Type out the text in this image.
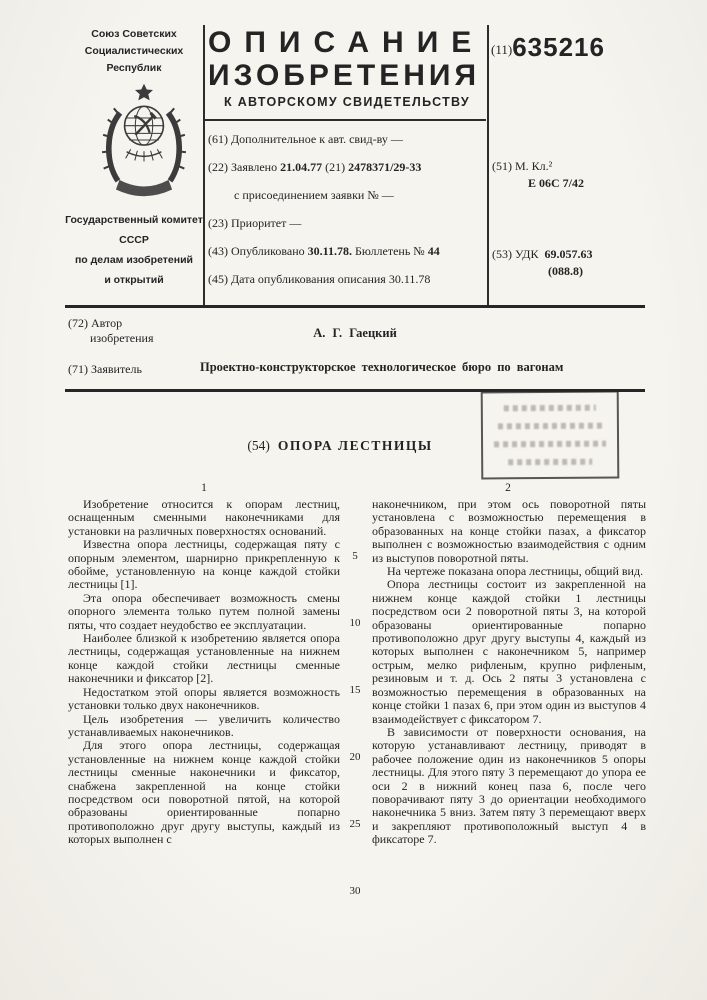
Союз Советских
Социалистических
Республик
Государственный комитет
СССР
по делам изобретений
и открытий
ОПИСАНИЕ
ИЗОБРЕТЕНИЯ
К АВТОРСКОМУ СВИДЕТЕЛЬСТВУ
(11)635216
(61) Дополнительное к авт. свид-ву —
(22) Заявлено 21.04.77 (21) 2478371/29-33
с присоединением заявки № —
(23) Приоритет —
(43) Опубликовано 30.11.78. Бюллетень № 44
(45) Дата опубликования описания 30.11.78
(51) М. Кл.²
Е 06С 7/42
(53) УДК 69.057.63
(088.8)
(72) Автор
изобретения	А. Г. Гаецкий
(71) Заявитель	Проектно-конструкторское технологическое бюро по вагонам
(54) ОПОРА ЛЕСТНИЦЫ
1	2

Изобретение относится к опорам лестниц, оснащенным сменными наконечниками для установки на различных поверхностях оснований.

Известна опора лестницы, содержащая пяту с опорным элементом, шарнирно прикрепленную к обойме, установленную на конце каждой стойки лестницы [1].

Эта опора обеспечивает возможность смены опорного элемента только путем полной замены пяты, что создает неудобство ее эксплуатации.

Наиболее близкой к изобретению является опора лестницы, содержащая установленные на нижнем конце каждой стойки лестницы сменные наконечники и фиксатор [2].

Недостатком этой опоры является возможность установки только двух наконечников.

Цель изобретения — увеличить количество устанавливаемых наконечников.

Для этого опора лестницы, содержащая установленные на нижнем конце каждой стойки лестницы сменные наконечники и фиксатор, снабжена закрепленной на конце стойки посредством оси поворотной пятой, на которой образованы ориентированные попарно противоположно друг другу выступы, каждый из которых выполнен с

5
10
15
20
25
30

наконечником, при этом ось поворотной пяты установлена с возможностью перемещения в образованных на конце стойки пазах, а фиксатор выполнен с возможностью взаимодействия с одним из выступов поворотной пяты.

На чертеже показана опора лестницы, общий вид.

Опора лестницы состоит из закрепленной на нижнем конце каждой стойки 1 лестницы посредством оси 2 поворотной пяты 3, на которой образованы ориентированные попарно противоположно друг другу выступы 4, каждый из которых выполнен с наконечником 5, например острым, мелко рифленым, крупно рифленым, резиновым и т. д. Ось 2 пяты 3 установлена с возможностью перемещения в образованных на конце стойки 1 пазах 6, при этом один из выступов 4 взаимодействует с фиксатором 7.

В зависимости от поверхности основания, на которую устанавливают лестницу, приводят в рабочее положение один из наконечников 5 опоры лестницы. Для этого пяту 3 перемещают до упора ее оси 2 в нижний конец паза 6, после чего поворачивают пяту 3 до ориентации необходимого наконечника 5 вниз. Затем пяту 3 перемещают вверх и закрепляют противоположный выступ 4 в фиксаторе 7.
